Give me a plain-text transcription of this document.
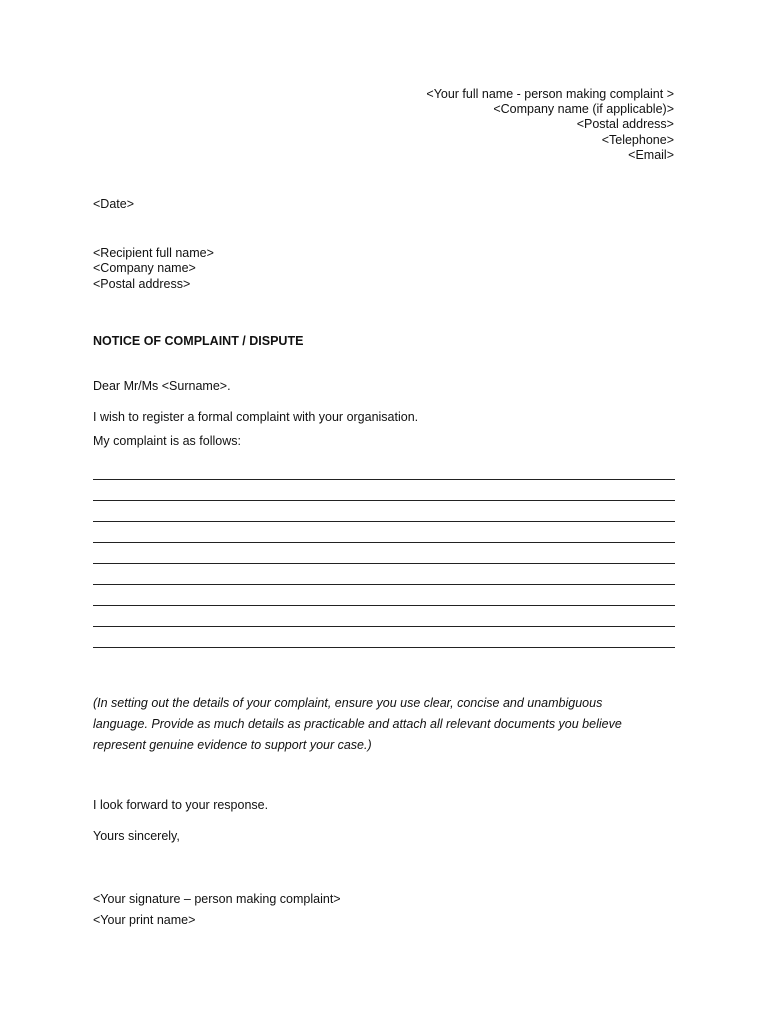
<Your full name - person making complaint >
<Company name (if applicable)>
<Postal address>
<Telephone>
<Email>
<Date>
<Recipient full name>
<Company name>
<Postal address>
NOTICE OF COMPLAINT / DISPUTE
Dear Mr/Ms <Surname>.
I wish to register a formal complaint with your organisation.
My complaint is as follows:
(In setting out the details of your complaint, ensure you use clear, concise and unambiguous language. Provide as much details as practicable and attach all relevant documents you believe represent genuine evidence to support your case.)
I look forward to your response.
Yours sincerely,
<Your signature – person making complaint>
<Your print name>
